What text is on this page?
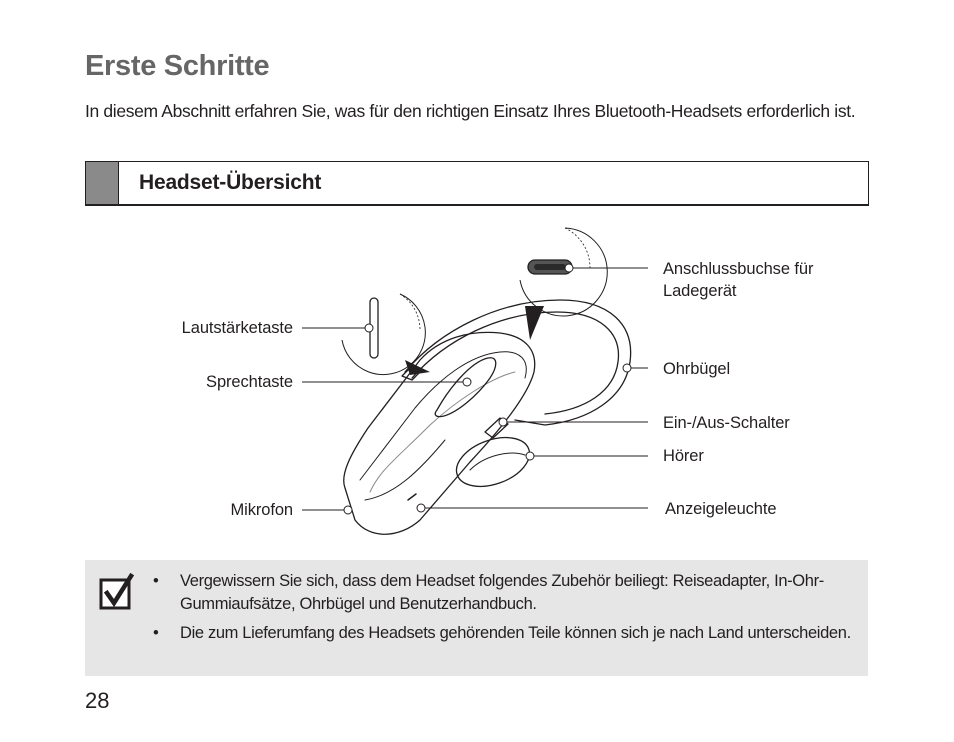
Erste Schritte

In diesem Abschnitt erfahren Sie, was für den richtigen Einsatz Ihres Bluetooth-Headsets erforderlich ist.

Headset-Übersicht
Anschlussbuchse für
Ladegerät
Lautstärketaste
Ohrbügel
Sprechtaste
Ein-/Aus-Schalter
Hörer
Mikrofon	Anzeigeleuchte
• Vergewissern Sie sich, dass dem Headset folgendes Zubehör beiliegt: Reiseadapter, In-Ohr-Gummiaufsätze, Ohrbügel und Benutzerhandbuch.
• Die zum Lieferumfang des Headsets gehörenden Teile können sich je nach Land unterscheiden.
28
